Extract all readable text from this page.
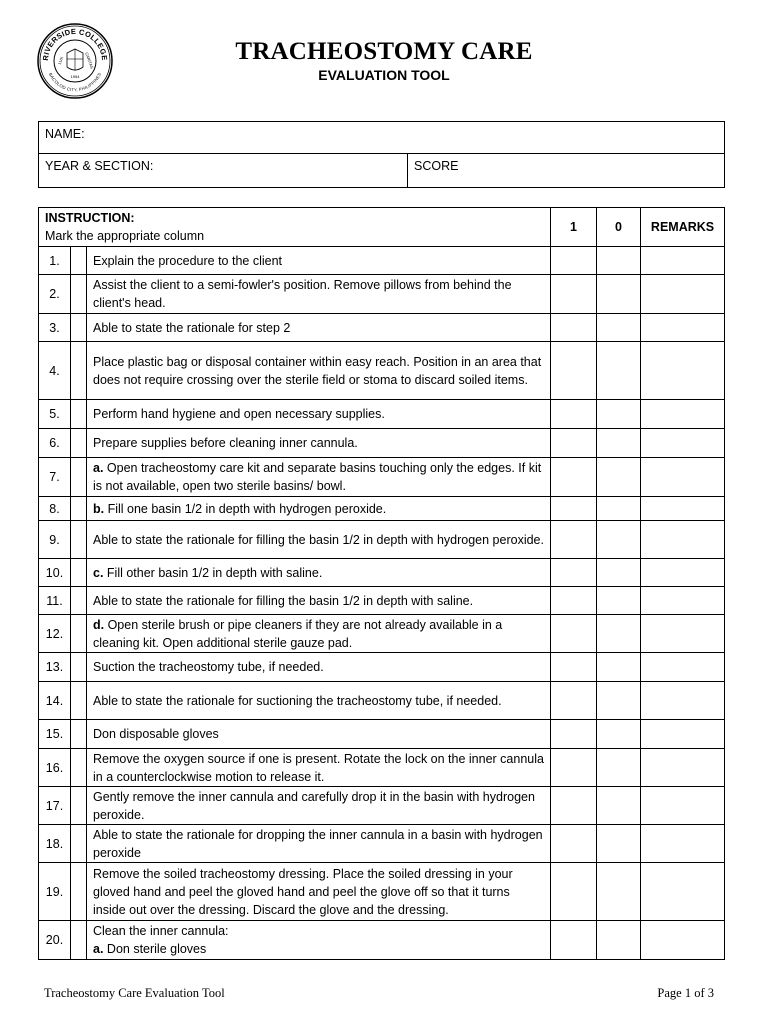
RIVERSIDE COLLEGE
BACOLOD CITY, PHILIPPINES
LUX	CARITAS
1954
TRACHEOSTOMY CARE
EVALUATION TOOL
NAME:
YEAR & SECTION:	SCORE
INSTRUCTION:
Mark the appropriate column			1	0	REMARKS
1.		Explain the procedure to the client			
2.		Assist the client to a semi-fowler's position. Remove pillows from behind the client's head.			
3.		Able to state the rationale for step 2			
4.		Place plastic bag or disposal container within easy reach. Position in an area that does not require crossing over the sterile field or stoma to discard soiled items.			
5.		Perform hand hygiene and open necessary supplies.			
6.		Prepare supplies before cleaning inner cannula.			
7.		a. Open tracheostomy care kit and separate basins touching only the edges. If kit is not available, open two sterile basins/ bowl.			
8.		b. Fill one basin 1/2 in depth with hydrogen peroxide.			
9.		Able to state the rationale for filling the basin 1/2 in depth with hydrogen peroxide.			
10.		c. Fill other basin 1/2 in depth with saline.			
11.		Able to state the rationale for filling the basin 1/2 in depth with saline.			
12.		d. Open sterile brush or pipe cleaners if they are not already available in a cleaning kit. Open additional sterile gauze pad.			
13.		Suction the tracheostomy tube, if needed.			
14.		Able to state the rationale for suctioning the tracheostomy tube, if needed.			
15.		Don disposable gloves			
16.		Remove the oxygen source if one is present. Rotate the lock on the inner cannula in a counterclockwise motion to release it.			
17.		Gently remove the inner cannula and carefully drop it in the basin with hydrogen peroxide.			
18.		Able to state the rationale for dropping the inner cannula in a basin with hydrogen peroxide			
19.		Remove the soiled tracheostomy dressing. Place the soiled dressing in your gloved hand and peel the gloved hand and peel the glove off so that it turns inside out over the dressing. Discard the glove and the dressing.			
20.		Clean the inner cannula:
a. Don sterile gloves			
Tracheostomy Care Evaluation Tool	Page 1 of 3
